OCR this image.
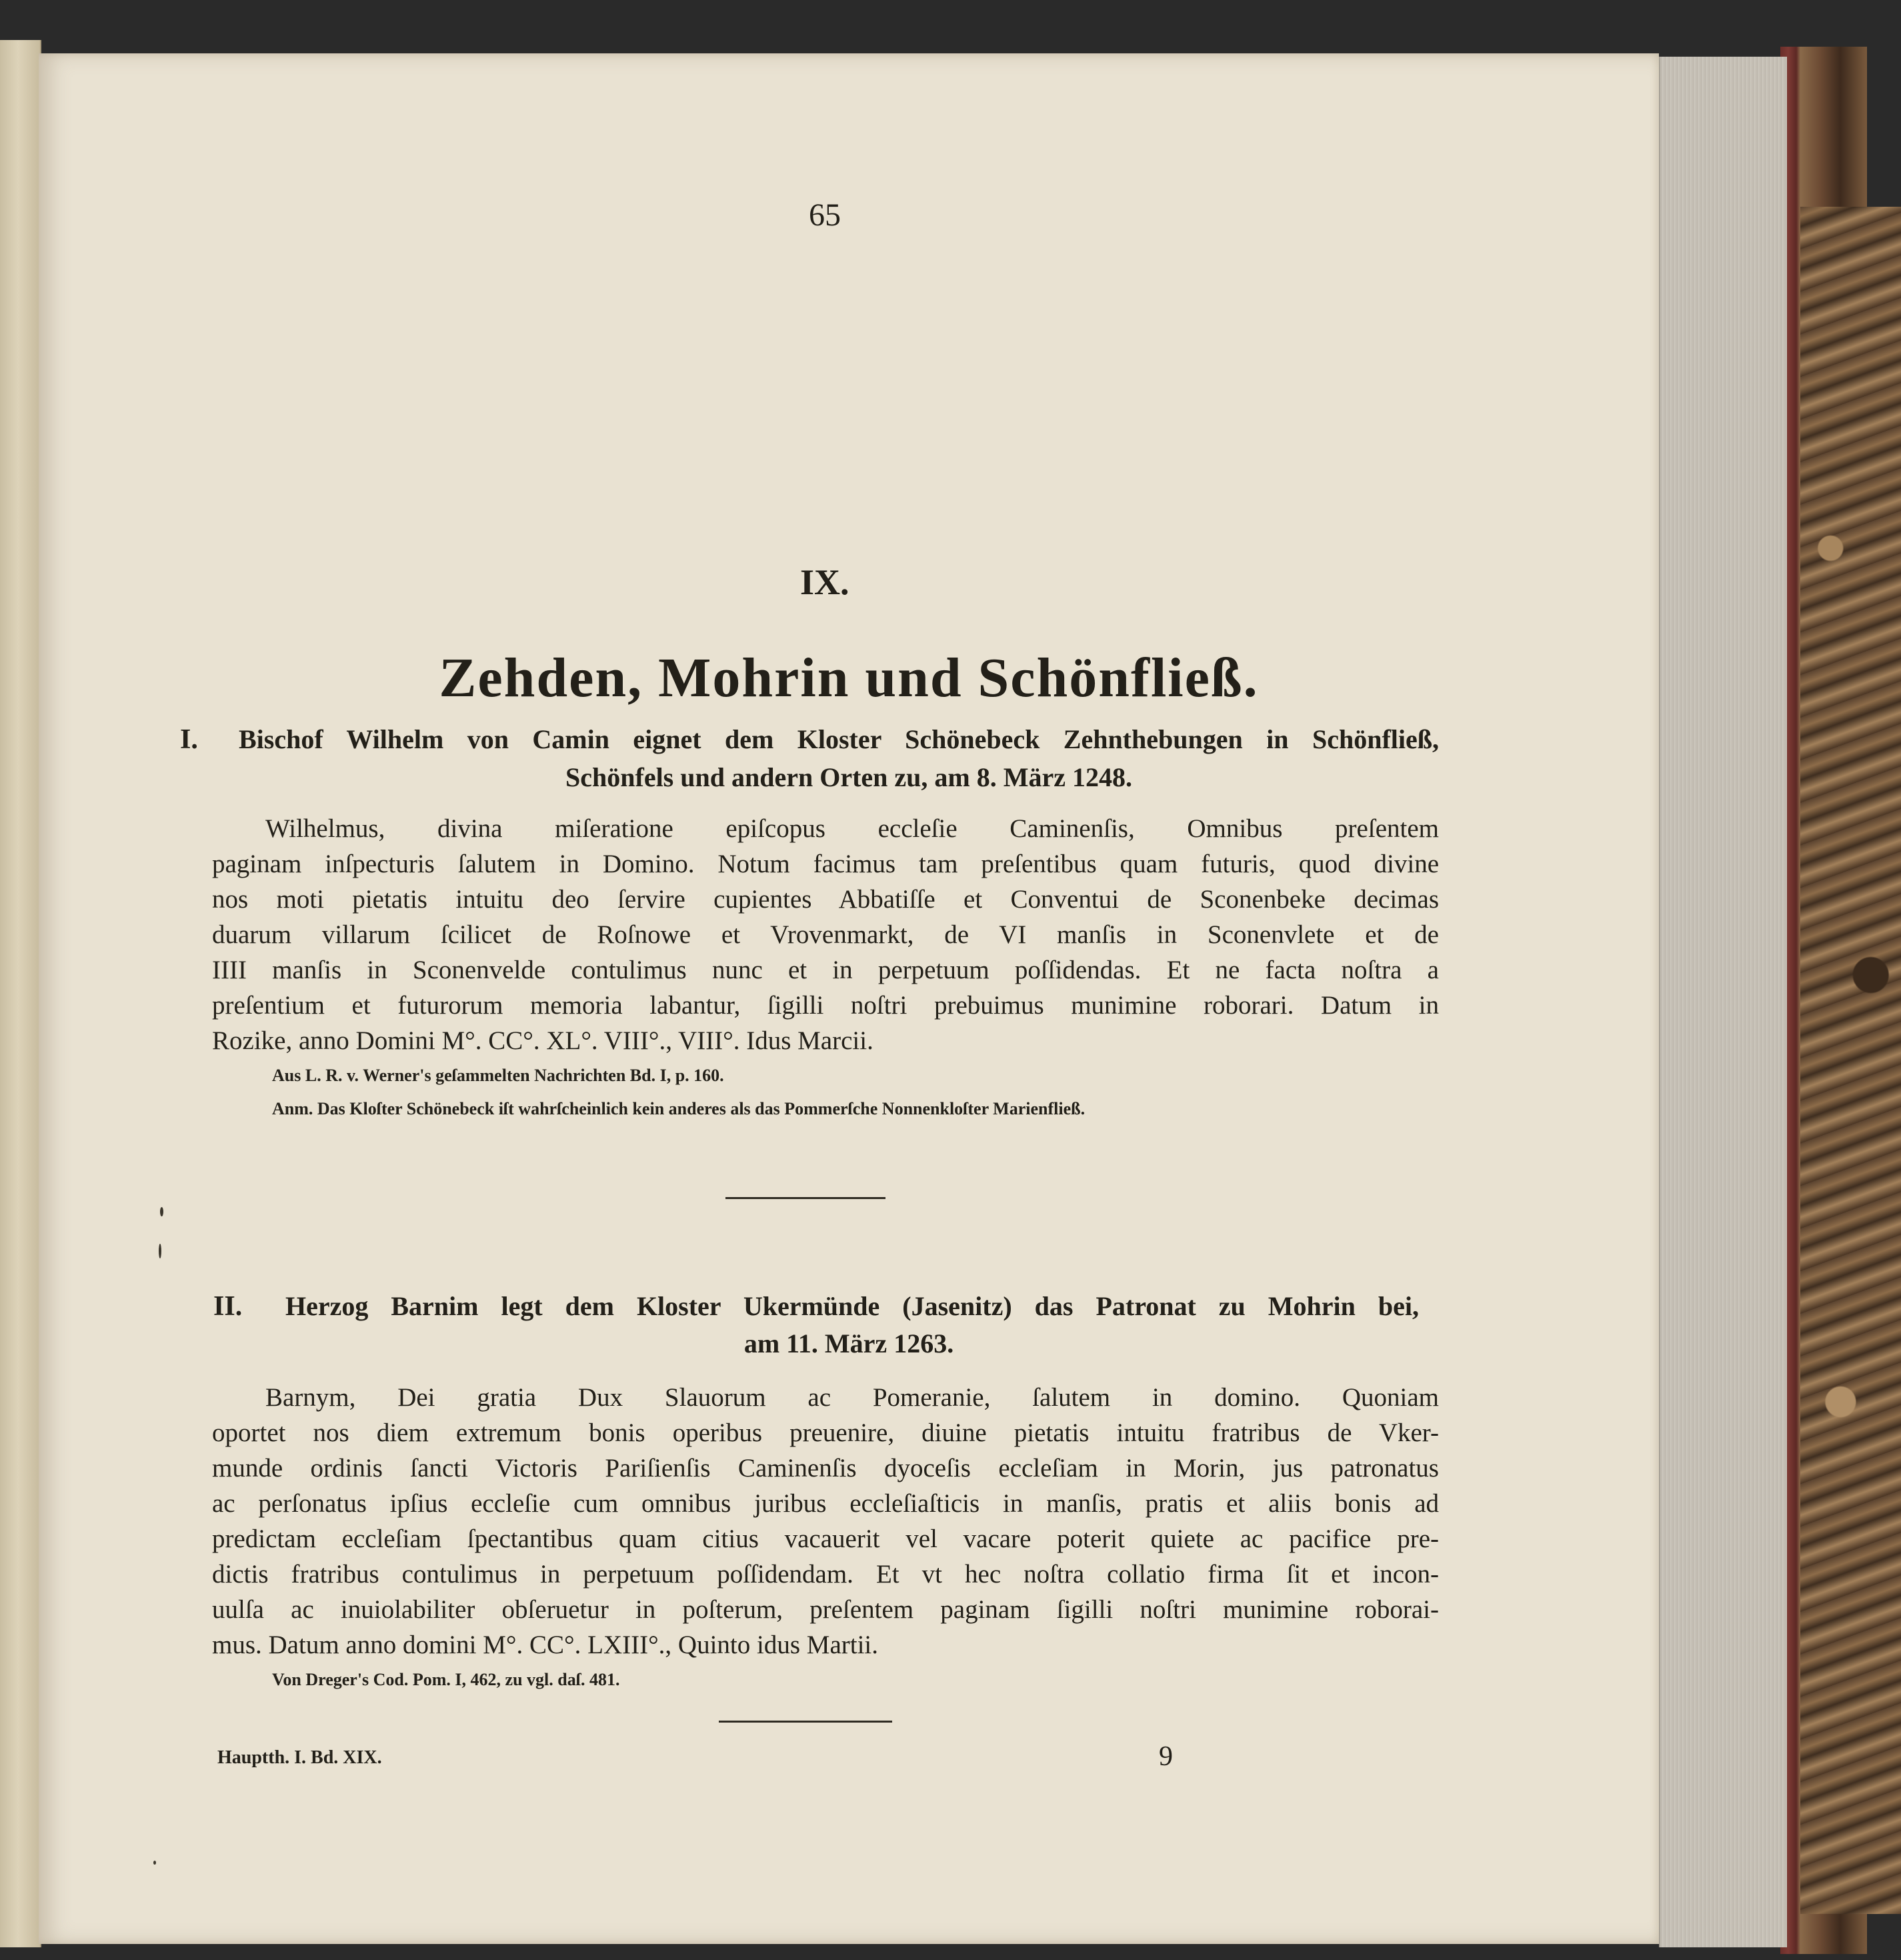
65
IX.
Zehden, Mohrin und Schönfließ.
I. Bischof Wilhelm von Camin eignet dem Kloster Schönebeck Zehnthebungen in Schönfließ,
Schönfels und andern Orten zu, am 8. März 1248.
Wilhelmus, divina miſeratione epiſcopus eccleſie Caminenſis, Omnibus preſentem
paginam inſpecturis ſalutem in Domino. Notum facimus tam preſentibus quam futuris, quod divine
nos moti pietatis intuitu deo ſervire cupientes Abbatiſſe et Conventui de Sconenbeke decimas
duarum villarum ſcilicet de Roſnowe et Vrovenmarkt, de VI manſis in Sconenvlete et de
IIII manſis in Sconenvelde contulimus nunc et in perpetuum poſſidendas. Et ne facta noſtra a
preſentium et futurorum memoria labantur, ſigilli noſtri prebuimus munimine roborari. Datum in
Rozike, anno Domini M°. CC°. XL°. VIII°., VIII°. Idus Marcii.
Aus L. R. v. Werner's geſammelten Nachrichten Bd. I, p. 160.
Anm. Das Kloſter Schönebeck iſt wahrſcheinlich kein anderes als das Pommerſche Nonnenkloſter Marienfließ.
II. Herzog Barnim legt dem Kloster Ukermünde (Jasenitz) das Patronat zu Mohrin bei,
am 11. März 1263.
Barnym, Dei gratia Dux Slauorum ac Pomeranie, ſalutem in domino. Quoniam
oportet nos diem extremum bonis operibus preuenire, diuine pietatis intuitu fratribus de Vker-
munde ordinis ſancti Victoris Pariſienſis Caminenſis dyoceſis eccleſiam in Morin, jus patronatus
ac perſonatus ipſius eccleſie cum omnibus juribus eccleſiaſticis in manſis, pratis et aliis bonis ad
predictam eccleſiam ſpectantibus quam citius vacauerit vel vacare poterit quiete ac pacifice pre-
dictis fratribus contulimus in perpetuum poſſidendam. Et vt hec noſtra collatio firma ſit et incon-
uulſa ac inuiolabiliter obſeruetur in poſterum, preſentem paginam ſigilli noſtri munimine roborai-
mus. Datum anno domini M°. CC°. LXIII°., Quinto idus Martii.
Von Dreger's Cod. Pom. I, 462, zu vgl. daſ. 481.
Hauptth. I. Bd. XIX.	9
